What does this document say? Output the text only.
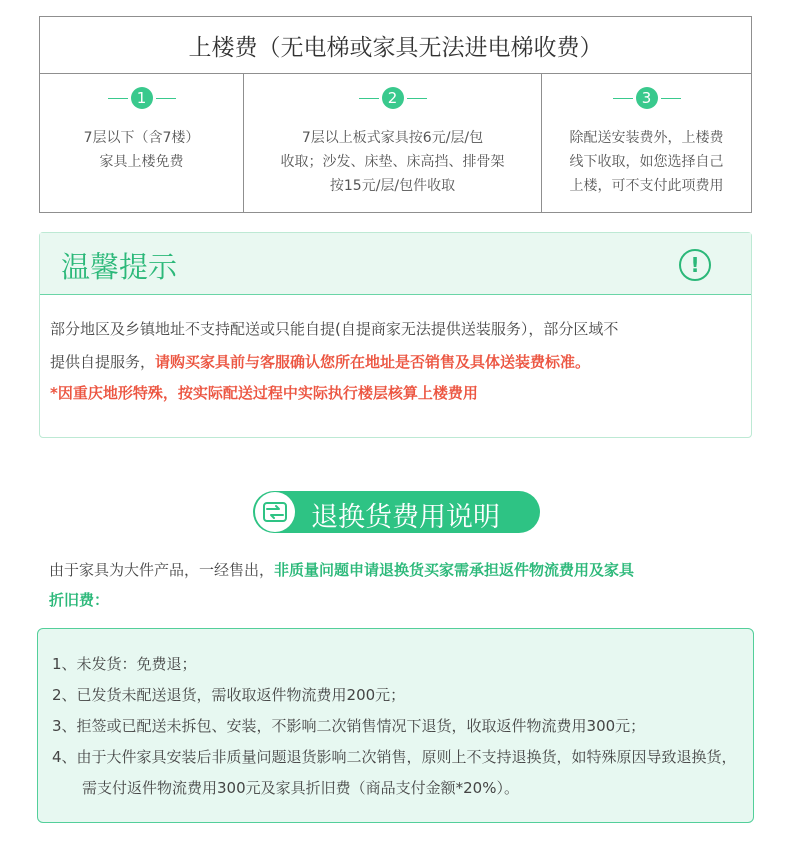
上楼费（无电梯或家具无法进电梯收费）
1
7层以下（含7楼）
家具上楼免费
2
7层以上板式家具按6元/层/包
收取；沙发、床垫、床高挡、排骨架
按15元/层/包件收取
3
除配送安装费外，上楼费
线下收取，如您选择自己
上楼，可不支付此项费用
温馨提示	!
部分地区及乡镇地址不支持配送或只能自提(自提商家无法提供送装服务），部分区域不
提供自提服务，请购买家具前与客服确认您所在地址是否销售及具体送装费标准。
*因重庆地形特殊，按实际配送过程中实际执行楼层核算上楼费用
退换货费用说明
由于家具为大件产品，一经售出，非质量问题申请退换货买家需承担返件物流费用及家具
折旧费：
1、未发货：免费退；
2、已发货未配送退货，需收取返件物流费用200元；
3、拒签或已配送未拆包、安装，不影响二次销售情况下退货，收取返件物流费用300元；
4、由于大件家具安装后非质量问题退货影响二次销售，原则上不支持退换货，如特殊原因导致退换货，需支付返件物流费用300元及家具折旧费（商品支付金额*20%）。
